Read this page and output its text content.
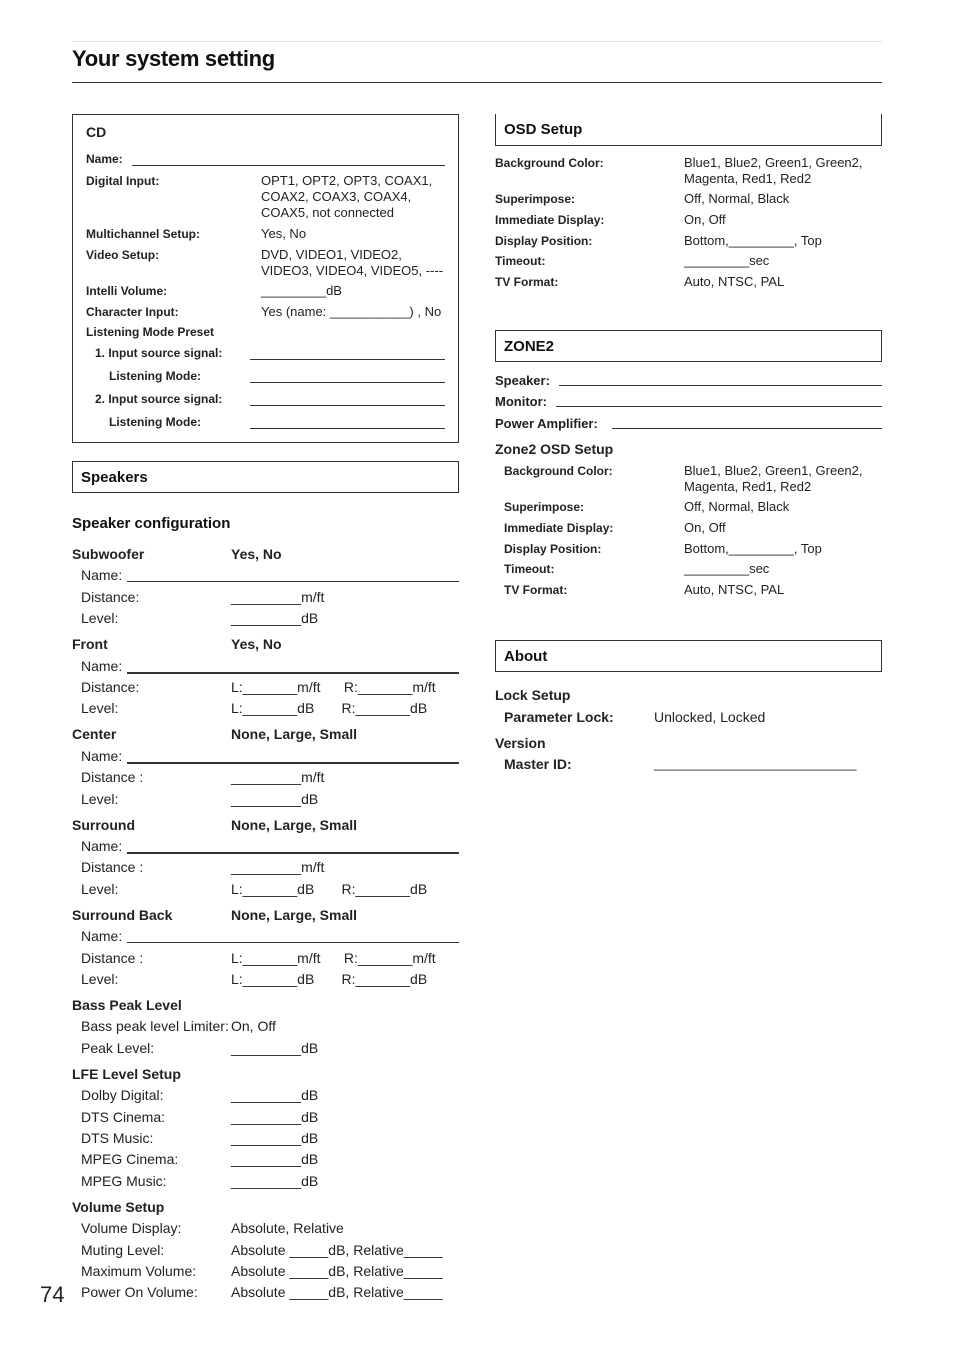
Your system setting
CD
Name:
Digital Input:	OPT1, OPT2, OPT3, COAX1,
COAX2, COAX3, COAX4,
COAX5, not connected
Multichannel Setup:	Yes, No
Video Setup:	DVD, VIDEO1, VIDEO2,
VIDEO3, VIDEO4, VIDEO5, ----
Intelli Volume:	_________dB
Character Input:	Yes (name: ___________) , No
Listening Mode Preset
1. Input source signal:
Listening Mode:
2. Input source signal:
Listening Mode:
Speakers
Speaker configuration
Subwoofer	Yes, No
Name:
Distance:	_________m/ft
Level:	_________dB
Front	Yes, No
Name:
Distance:	L:_______m/ft      R:_______m/ft
Level:	L:_______dB       R:_______dB
Center	None, Large, Small
Name:
Distance :	_________m/ft
Level:	_________dB
Surround	None, Large, Small
Name:
Distance :	_________m/ft
Level:	L:_______dB       R:_______dB
Surround Back	None, Large, Small
Name:
Distance :	L:_______m/ft      R:_______m/ft
Level:	L:_______dB       R:_______dB
Bass Peak Level
Bass peak level Limiter: On, Off
Peak Level:	_________dB
LFE Level Setup
Dolby Digital:	_________dB
DTS Cinema:	_________dB
DTS Music:	_________dB
MPEG Cinema:	_________dB
MPEG Music:	_________dB
Volume Setup
Volume Display:	Absolute, Relative
Muting Level:	Absolute _____dB, Relative_____
Maximum Volume: Absolute _____dB, Relative_____
Power On Volume: Absolute _____dB, Relative_____
OSD Setup
Background Color:	Blue1, Blue2, Green1, Green2,
Magenta, Red1, Red2
Superimpose:	Off, Normal, Black
Immediate Display:	On, Off
Display Position:	Bottom,_________, Top
Timeout:	_________sec
TV Format:	Auto, NTSC, PAL
ZONE2
Speaker:
Monitor:
Power Amplifier:
Zone2 OSD Setup
Background Color:	Blue1, Blue2, Green1, Green2,
Magenta, Red1, Red2
Superimpose:	Off, Normal, Black
Immediate Display:	On, Off
Display Position:	Bottom,_________, Top
Timeout:	_________sec
TV Format:	Auto, NTSC, PAL
About
Lock Setup
Parameter Lock:	Unlocked, Locked
Version
Master ID:	____________________________
74
